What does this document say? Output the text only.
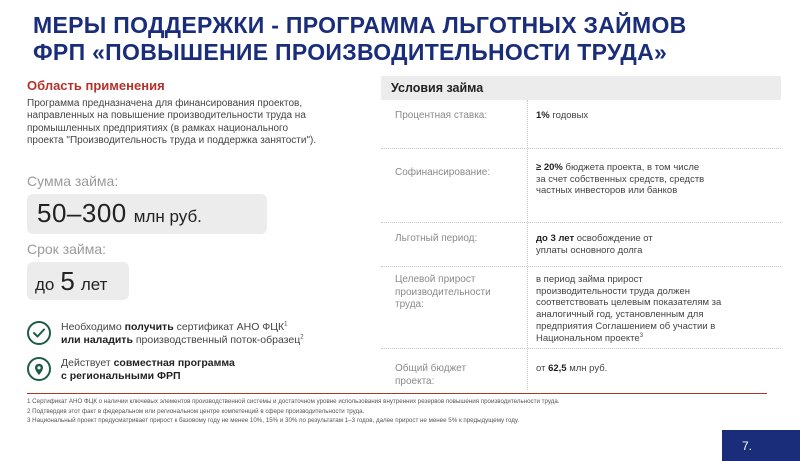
МЕРЫ ПОДДЕРЖКИ - ПРОГРАММА ЛЬГОТНЫХ ЗАЙМОВ
ФРП «ПОВЫШЕНИЕ ПРОИЗВОДИТЕЛЬНОСТИ ТРУДА»
Область применения
Программа предназначена для финансирования проектов, направленных на повышение производительности труда на промышленных предприятиях (в рамках национального проекта "Производительность труда и поддержка занятости").
Сумма займа:
50–300 млн руб.
Срок займа:
до 5 лет
Необходимо получить сертификат АНО ФЦК$^1$
или наладить производственный поток-образец$^2$
Действует совместная программа
с региональными ФРП
Условия займа
Процентная ставка:	1% годовых
Софинансирование:	≥ 20% бюджета проекта, в том числе за счет собственных средств, средств частных инвесторов или банков
Льготный период:	до 3 лет освобождение от уплаты основного долга
Целевой прирост производительности труда:
в период займа прирост производительности труда должен соответствовать целевым показателям за аналогичный год, установленным для предприятия Соглашением об участии в Национальном проекте$^3$
Общий бюджет проекта:
от 62,5 млн руб.
1 Сертификат АНО ФЦК о наличии ключевых элементов производственной системы и достаточном уровне использования внутренних резервов повышения производительности труда.
2 Подтвердив этот факт в федеральном или региональном центре компетенций в сфере производительности труда.
3 Национальный проект предусматривает прирост к базовому году не менее 10%, 15% и 30% по результатам 1–3 годов, далее прирост не менее 5% к предыдущему году.
7.
